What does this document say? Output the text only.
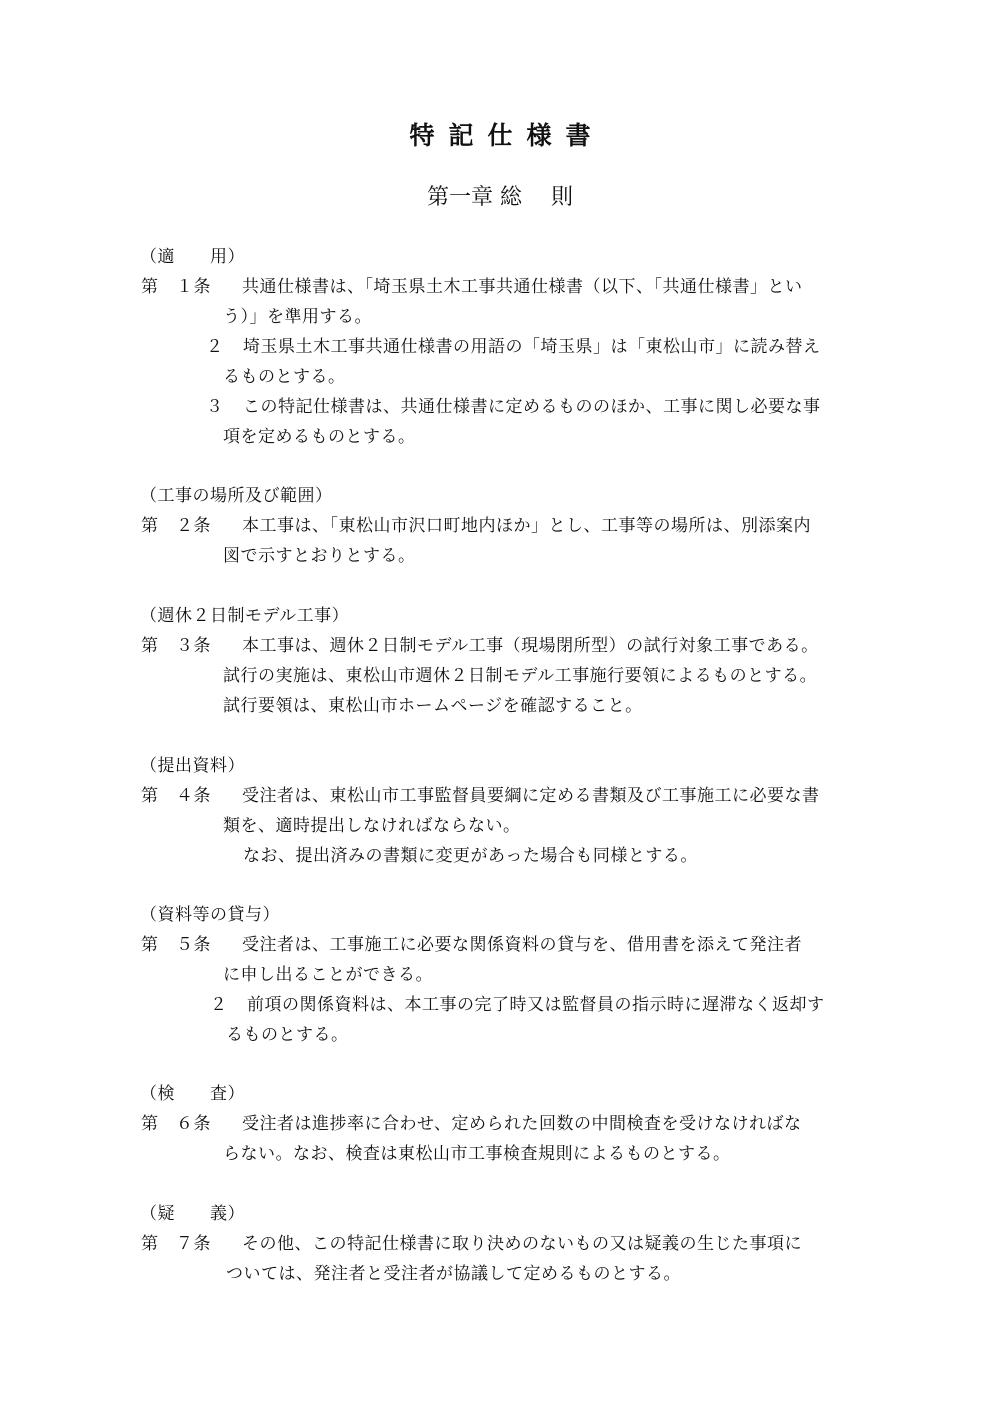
特記仕様書
第一章 総　 則
（適　　用）
第　１条 共通仕様書は、「埼玉県土木工事共通仕様書（以下、「共通仕様書」とい
う）」を準用する。
２ 埼玉県土木工事共通仕様書の用語の「埼玉県」は「東松山市」に読み替え
るものとする。
３ この特記仕様書は、共通仕様書に定めるもののほか、工事に関し必要な事
項を定めるものとする。
（工事の場所及び範囲）
第　２条 本工事は、「東松山市沢口町地内ほか」とし、工事等の場所は、別添案内
図で示すとおりとする。
（週休２日制モデル工事）
第　３条 本工事は、週休２日制モデル工事（現場閉所型）の試行対象工事である。
試行の実施は、東松山市週休２日制モデル工事施行要領によるものとする。
試行要領は、東松山市ホームページを確認すること。
（提出資料）
第　４条 受注者は、東松山市工事監督員要綱に定める書類及び工事施工に必要な書
類を、適時提出しなければならない。
なお、提出済みの書類に変更があった場合も同様とする。
（資料等の貸与）
第　５条 受注者は、工事施工に必要な関係資料の貸与を、借用書を添えて発注者
に申し出ることができる。
２ 前項の関係資料は、本工事の完了時又は監督員の指示時に遅滞なく返却す
るものとする。
（検　　査）
第　６条 受注者は進捗率に合わせ、定められた回数の中間検査を受けなければな
らない。なお、検査は東松山市工事検査規則によるものとする。
（疑　　義）
第　７条 その他、この特記仕様書に取り決めのないもの又は疑義の生じた事項に
ついては、発注者と受注者が協議して定めるものとする。
